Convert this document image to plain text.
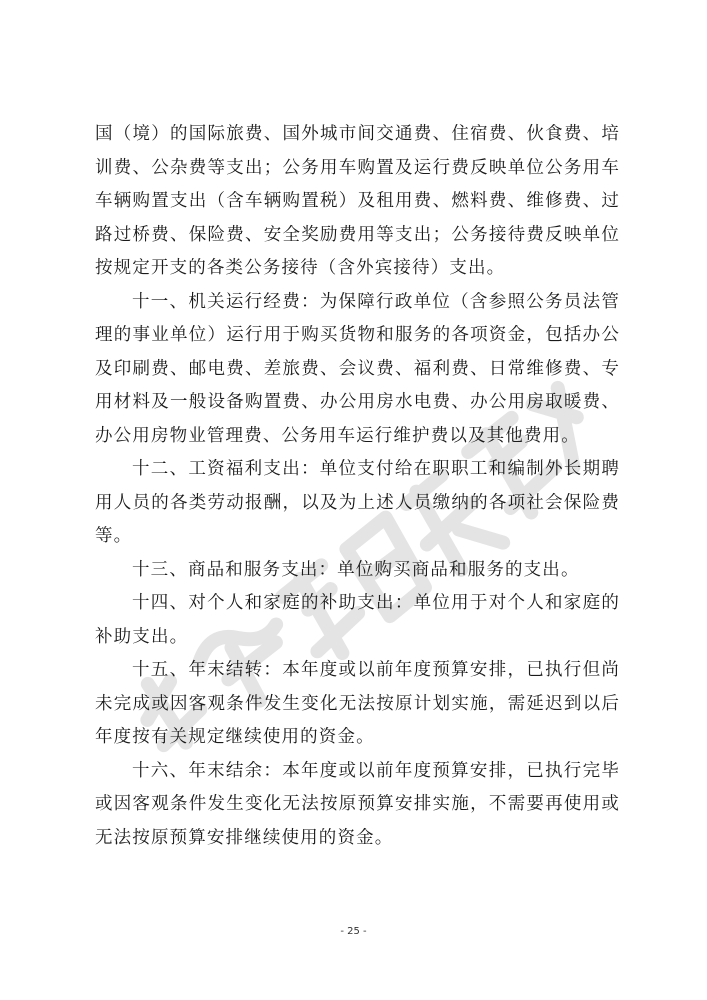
国（境）的国际旅费、国外城市间交通费、住宿费、伙食费、培训费、公杂费等支出；公务用车购置及运行费反映单位公务用车车辆购置支出（含车辆购置税）及租用费、燃料费、维修费、过路过桥费、保险费、安全奖励费用等支出；公务接待费反映单位按规定开支的各类公务接待（含外宾接待）支出。

十一、机关运行经费：为保障行政单位（含参照公务员法管理的事业单位）运行用于购买货物和服务的各项资金，包括办公及印刷费、邮电费、差旅费、会议费、福利费、日常维修费、专用材料及一般设备购置费、办公用房水电费、办公用房取暖费、办公用房物业管理费、公务用车运行维护费以及其他费用。

十二、工资福利支出：单位支付给在职职工和编制外长期聘用人员的各类劳动报酬，以及为上述人员缴纳的各项社会保险费等。

十三、商品和服务支出：单位购买商品和服务的支出。

十四、对个人和家庭的补助支出：单位用于对个人和家庭的补助支出。

十五、年末结转：本年度或以前年度预算安排，已执行但尚未完成或因客观条件发生变化无法按原计划实施，需延迟到以后年度按有关规定继续使用的资金。

十六、年末结余：本年度或以前年度预算安排，已执行完毕或因客观条件发生变化无法按原预算安排实施，不需要再使用或无法按原预算安排继续使用的资金。

- 25 -
